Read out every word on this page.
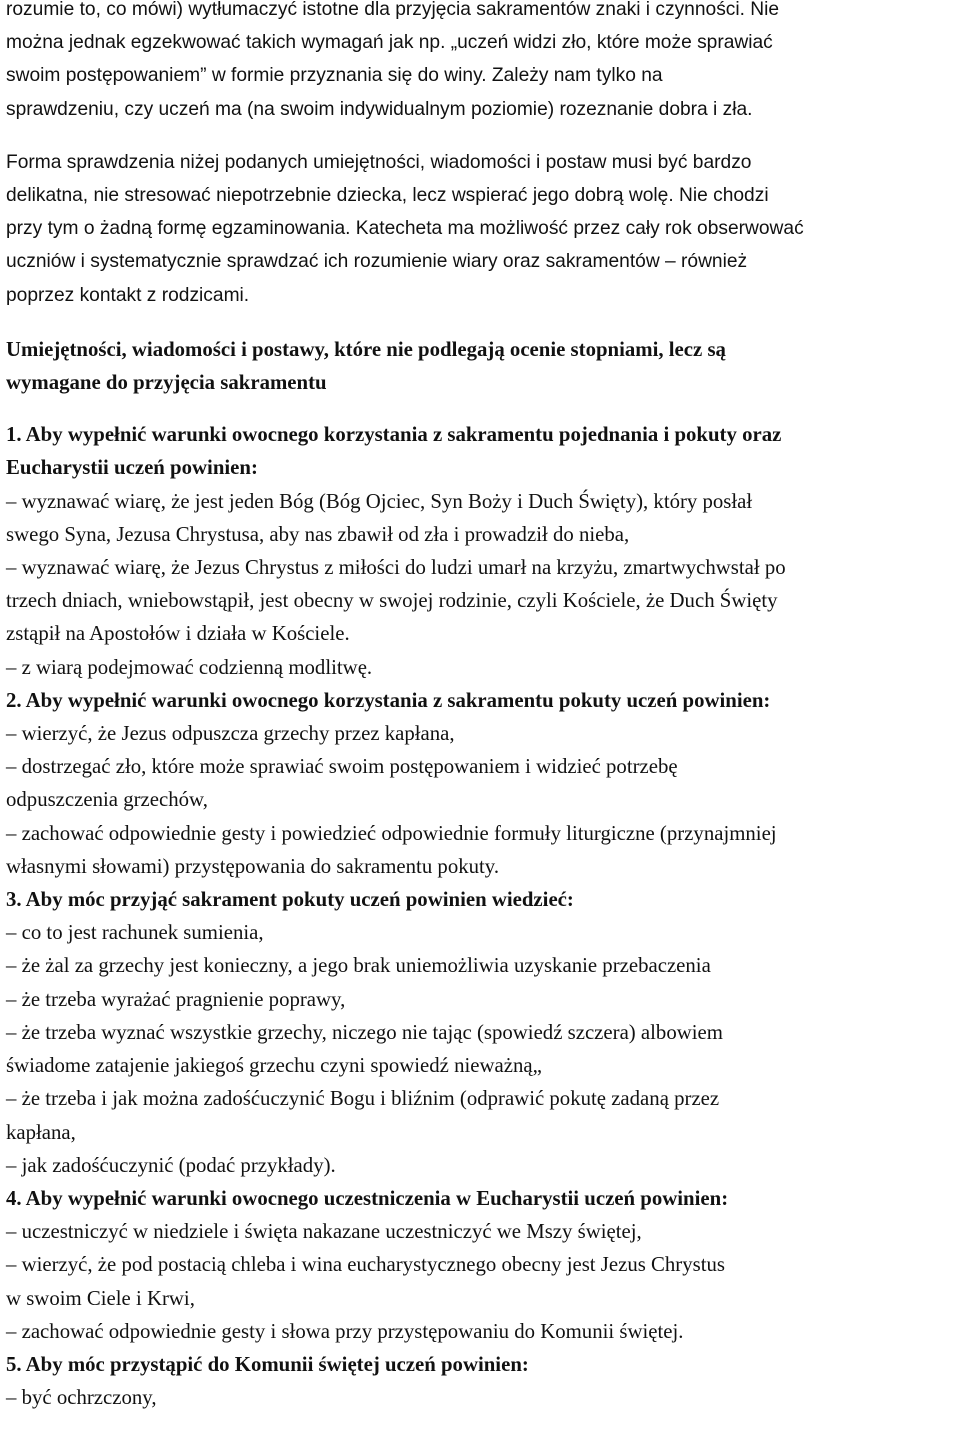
rozumie to, co mówi) wytłumaczyć istotne dla przyjęcia sakramentów znaki i czynności. Nie
można jednak egzekwować takich wymagań jak np. „uczeń widzi zło, które może sprawiać
swoim postępowaniem” w formie przyznania się do winy. Zależy nam tylko na
sprawdzeniu, czy uczeń ma (na swoim indywidualnym poziomie) rozeznanie dobra i zła.

Forma sprawdzenia niżej podanych umiejętności, wiadomości i postaw musi być bardzo
delikatna, nie stresować niepotrzebnie dziecka, lecz wspierać jego dobrą wolę. Nie chodzi
przy tym o żadną formę egzaminowania. Katecheta ma możliwość przez cały rok obserwować
uczniów i systematycznie sprawdzać ich rozumienie wiary oraz sakramentów – również
poprzez kontakt z rodzicami.

Umiejętności, wiadomości i postawy, które nie podlegają ocenie stopniami, lecz są
wymagane do przyjęcia sakramentu

1. Aby wypełnić warunki owocnego korzystania z sakramentu pojednania i pokuty oraz
Eucharystii uczeń powinien:
– wyznawać wiarę, że jest jeden Bóg (Bóg Ojciec, Syn Boży i Duch Święty), który posłał
swego Syna, Jezusa Chrystusa, aby nas zbawił od zła i prowadził do nieba,
– wyznawać wiarę, że Jezus Chrystus z miłości do ludzi umarł na krzyżu, zmartwychwstał po
trzech dniach, wniebowstąpił, jest obecny w swojej rodzinie, czyli Kościele, że Duch Święty
zstąpił na Apostołów i działa w Kościele.
– z wiarą podejmować codzienną modlitwę.
2. Aby wypełnić warunki owocnego korzystania z sakramentu pokuty uczeń powinien:
– wierzyć, że Jezus odpuszcza grzechy przez kapłana,
– dostrzegać zło, które może sprawiać swoim postępowaniem i widzieć potrzebę
odpuszczenia grzechów,
– zachować odpowiednie gesty i powiedzieć odpowiednie formuły liturgiczne (przynajmniej
własnymi słowami) przystępowania do sakramentu pokuty.
3. Aby móc przyjąć sakrament pokuty uczeń powinien wiedzieć:
– co to jest rachunek sumienia,
– że żal za grzechy jest konieczny, a jego brak uniemożliwia uzyskanie przebaczenia
– że trzeba wyrażać pragnienie poprawy,
– że trzeba wyznać wszystkie grzechy, niczego nie tając (spowiedź szczera) albowiem
świadome zatajenie jakiegoś grzechu czyni spowiedź nieważną„
– że trzeba i jak można zadośćuczynić Bogu i bliźnim (odprawić pokutę zadaną przez
kapłana,
– jak zadośćuczynić (podać przykłady).
4. Aby wypełnić warunki owocnego uczestniczenia w Eucharystii uczeń powinien:
– uczestniczyć w niedziele i święta nakazane uczestniczyć we Mszy świętej,
– wierzyć, że pod postacią chleba i wina eucharystycznego obecny jest Jezus Chrystus
w swoim Ciele i Krwi,
– zachować odpowiednie gesty i słowa przy przystępowaniu do Komunii świętej.
5. Aby móc przystąpić do Komunii świętej uczeń powinien:
– być ochrzczony,
